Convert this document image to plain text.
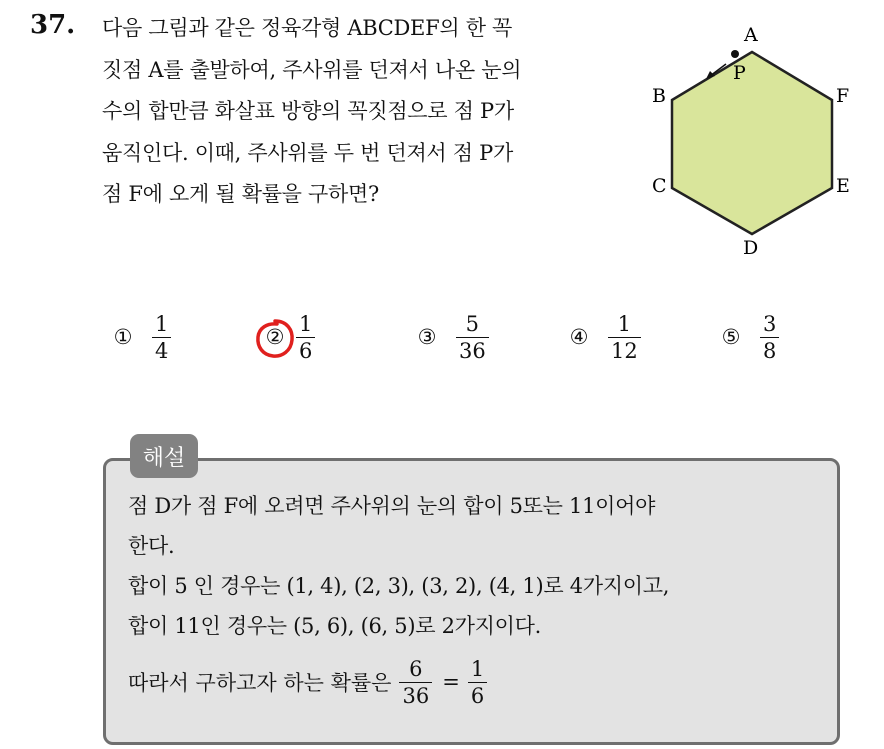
37. 다음 그림과 같은 정육각형 ABCDEF의 한 꼭
짓점 A를 출발하여, 주사위를 던져서 나온 눈의
수의 합만큼 화살표 방향의 꼭짓점으로 점 P가
움직인다. 이때, 주사위를 두 번 던져서 점 P가
점 F에 오게 될 확률을 구하면?
P
A
B
C
D
E
F
① $\frac{1}{4}$	② $\frac{1}{6}$	③ $\frac{5}{36}$	④ $\frac{1}{12}$	⑤ $\frac{3}{8}$
해설
점 D가 점 F에 오려면 주사위의 눈의 합이 5또는 11이어야
한다.
합이 5 인 경우는 (1, 4), (2, 3), (3, 2), (4, 1)로 4가지이고,
합이 11인 경우는 (5, 6), (6, 5)로 2가지이다.
따라서 구하고자 하는 확률은 $\frac{6}{36} = \frac{1}{6}$
